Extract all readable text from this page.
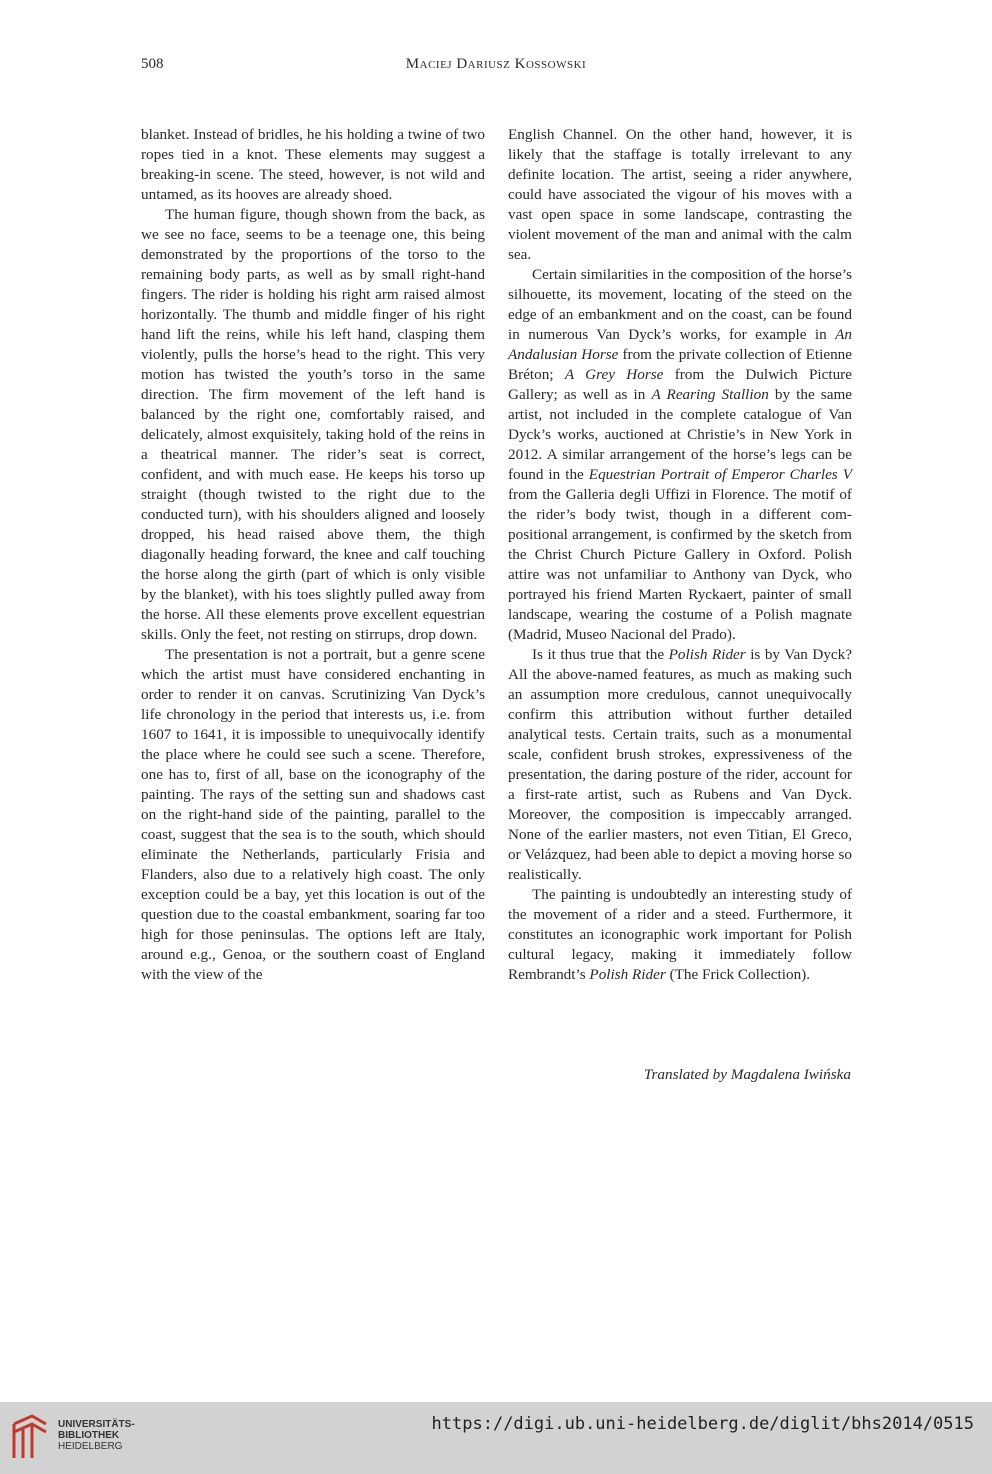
508	Maciej Dariusz Kossowski

blanket. Instead of bridles, he his holding a twine of two ropes tied in a knot. These elements may suggest a breaking-in scene. The steed, however, is not wild and untamed, as its hooves are already shoed.

The human figure, though shown from the back, as we see no face, seems to be a teenage one, this being demonstrated by the proportions of the torso to the remaining body parts, as well as by small right-hand fingers. The rider is holding his right arm raised almost horizontally. The thumb and middle finger of his right hand lift the reins, while his left hand, clasping them violently, pulls the horse’s head to the right. This very motion has twisted the youth’s torso in the same direction. The firm movement of the left hand is balanced by the right one, comfortably raised, and delicately, almost exquisitely, taking hold of the reins in a theatrical manner. The rider’s seat is correct, confident, and with much ease. He keeps his torso up straight (though twisted to the right due to the conducted turn), with his shoulders aligned and loosely dropped, his head raised above them, the thigh diagonally heading forward, the knee and calf touching the horse along the girth (part of which is only visible by the blanket), with his toes slightly pulled away from the horse. All these elements prove excellent equestrian skills. Only the feet, not resting on stirrups, drop down.

The presentation is not a portrait, but a genre scene which the artist must have considered enchanting in order to render it on canvas. Scrutinizing Van Dyck’s life chronology in the period that interests us, i.e. from 1607 to 1641, it is impossible to unequivocally identify the place where he could see such a scene. Therefore, one has to, first of all, base on the iconography of the painting. The rays of the setting sun and shadows cast on the right-hand side of the painting, parallel to the coast, suggest that the sea is to the south, which should eliminate the Netherlands, particularly Frisia and Flanders, also due to a relatively high coast. The only exception could be a bay, yet this location is out of the question due to the coastal embankment, soaring far too high for those peninsulas. The options left are Italy, around e.g., Genoa, or the southern coast of England with the view of the

English Channel. On the other hand, however, it is likely that the staffage is totally irrelevant to any definite location. The artist, seeing a rider anywhere, could have associated the vigour of his moves with a vast open space in some landscape, contrasting the violent movement of the man and animal with the calm sea.

Certain similarities in the composition of the horse’s silhouette, its movement, locating of the steed on the edge of an embankment and on the coast, can be found in numerous Van Dyck’s works, for example in An Andalusian Horse from the private collection of Etienne Bréton; A Grey Horse from the Dulwich Picture Gallery; as well as in A Rearing Stallion by the same artist, not included in the complete catalogue of Van Dyck’s works, auctioned at Christie’s in New York in 2012. A similar arrangement of the horse’s legs can be found in the Equestrian Portrait of Emperor Charles V from the Galleria degli Uffizi in Florence. The motif of the rider’s body twist, though in a different com-positional arrangement, is confirmed by the sketch from the Christ Church Picture Gallery in Oxford. Polish attire was not unfamiliar to Anthony van Dyck, who portrayed his friend Marten Ryckaert, painter of small landscape, wearing the costume of a Polish magnate (Madrid, Museo Nacional del Prado).

Is it thus true that the Polish Rider is by Van Dyck? All the above-named features, as much as making such an assumption more credulous, cannot unequivocally confirm this attribution without further detailed analytical tests. Certain traits, such as a monumental scale, confident brush strokes, expressiveness of the presentation, the daring posture of the rider, account for a first-rate artist, such as Rubens and Van Dyck. Moreover, the composition is impeccably arranged. None of the earlier masters, not even Titian, El Greco, or Velázquez, had been able to depict a moving horse so realistically.

The painting is undoubtedly an interesting study of the movement of a rider and a steed. Furthermore, it constitutes an iconographic work important for Polish cultural legacy, making it immediately follow Rembrandt’s Polish Rider (The Frick Collection).

Translated by Magdalena Iwińska
UNIVERSITÄTS-
BIBLIOTHEK
HEIDELBERG
https://digi.ub.uni-heidelberg.de/diglit/bhs2014/0515
